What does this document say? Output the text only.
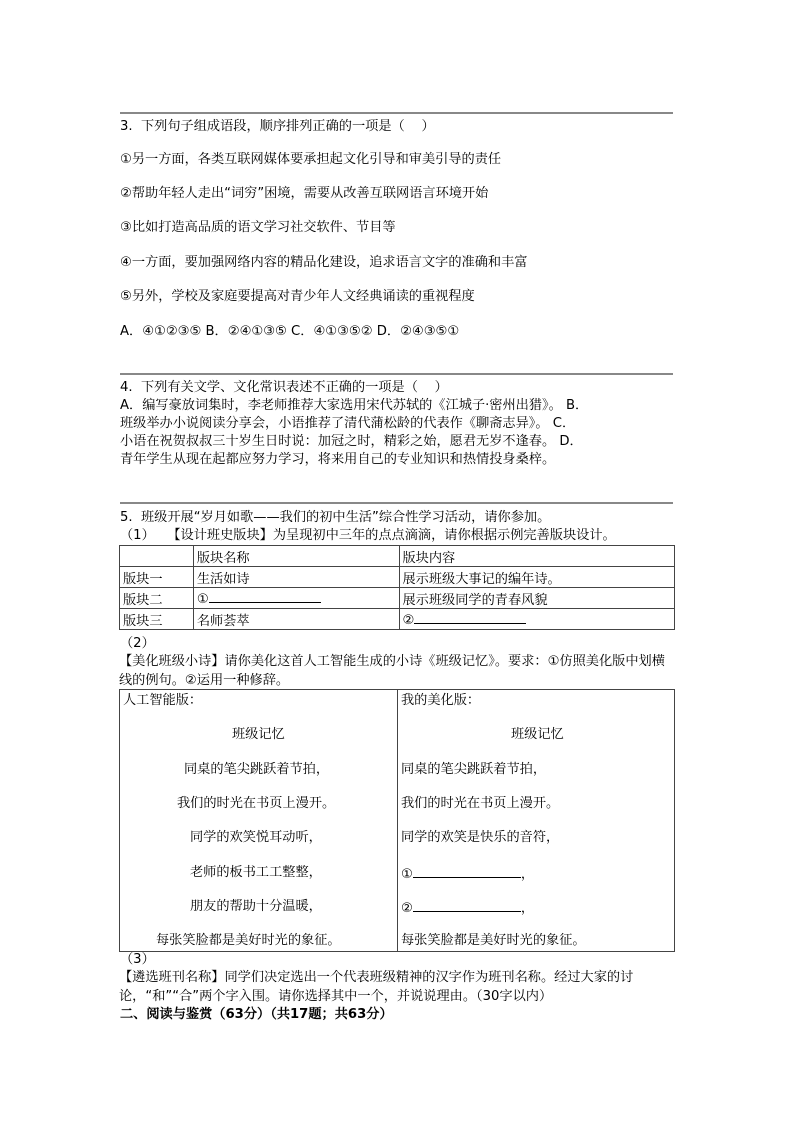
3.  下列句子组成语段，顺序排列正确的一项是（    ）
①另一方面，各类互联网媒体要承担起文化引导和审美引导的责任
②帮助年轻人走出“词穷”困境，需要从改善互联网语言环境开始
③比如打造高品质的语文学习社交软件、节目等
④一方面，要加强网络内容的精品化建设，追求语言文字的准确和丰富
⑤另外，学校及家庭要提高对青少年人文经典诵读的重视程度
A．④①②③⑤ B．②④①③⑤ C．④①③⑤② D．②④③⑤①
4.  下列有关文学、文化常识表述不正确的一项是（    ）
A．编写豪放词集时，李老师推荐大家选用宋代苏轼的《江城子·密州出猎》。 B．
班级举办小说阅读分享会，小语推荐了清代蒲松龄的代表作《聊斋志异》。 C．
小语在祝贺叔叔三十岁生日时说：加冠之时，精彩之始，愿君无岁不逢春。 D．
青年学生从现在起都应努力学习，将来用自己的专业知识和热情投身桑梓。
5.  班级开展“岁月如歌——我们的初中生活”综合性学习活动，请你参加。
（1）   【设计班史版块】为呈现初中三年的点点滴滴，请你根据示例完善版块设计。
	版块名称	版块内容
版块一	生活如诗	展示班级大事记的编年诗。
版块二	①	展示班级同学的青春风貌
版块三	名师荟萃	②
（2）
【美化班级小诗】请你美化这首人工智能生成的小诗《班级记忆》。要求：①仿照美化版中划横线的例句。②运用一种修辞。
人工智能版：
班级记忆
同桌的笔尖跳跃着节拍，
我们的时光在书页上漫开。
同学的欢笑悦耳动听，
老师的板书工工整整，
朋友的帮助十分温暖，
每张笑脸都是美好时光的象征。
我的美化版：
班级记忆
同桌的笔尖跳跃着节拍，
我们的时光在书页上漫开。
同学的欢笑是快乐的音符，
①	，
②	，
每张笑脸都是美好时光的象征。
（3）
【遴选班刊名称】同学们决定选出一个代表班级精神的汉字作为班刊名称。经过大家的讨论，“和”“合”两个字入围。请你选择其中一个，并说说理由。（30字以内）
二、阅读与鉴赏（63分）（共17题；共63分）
